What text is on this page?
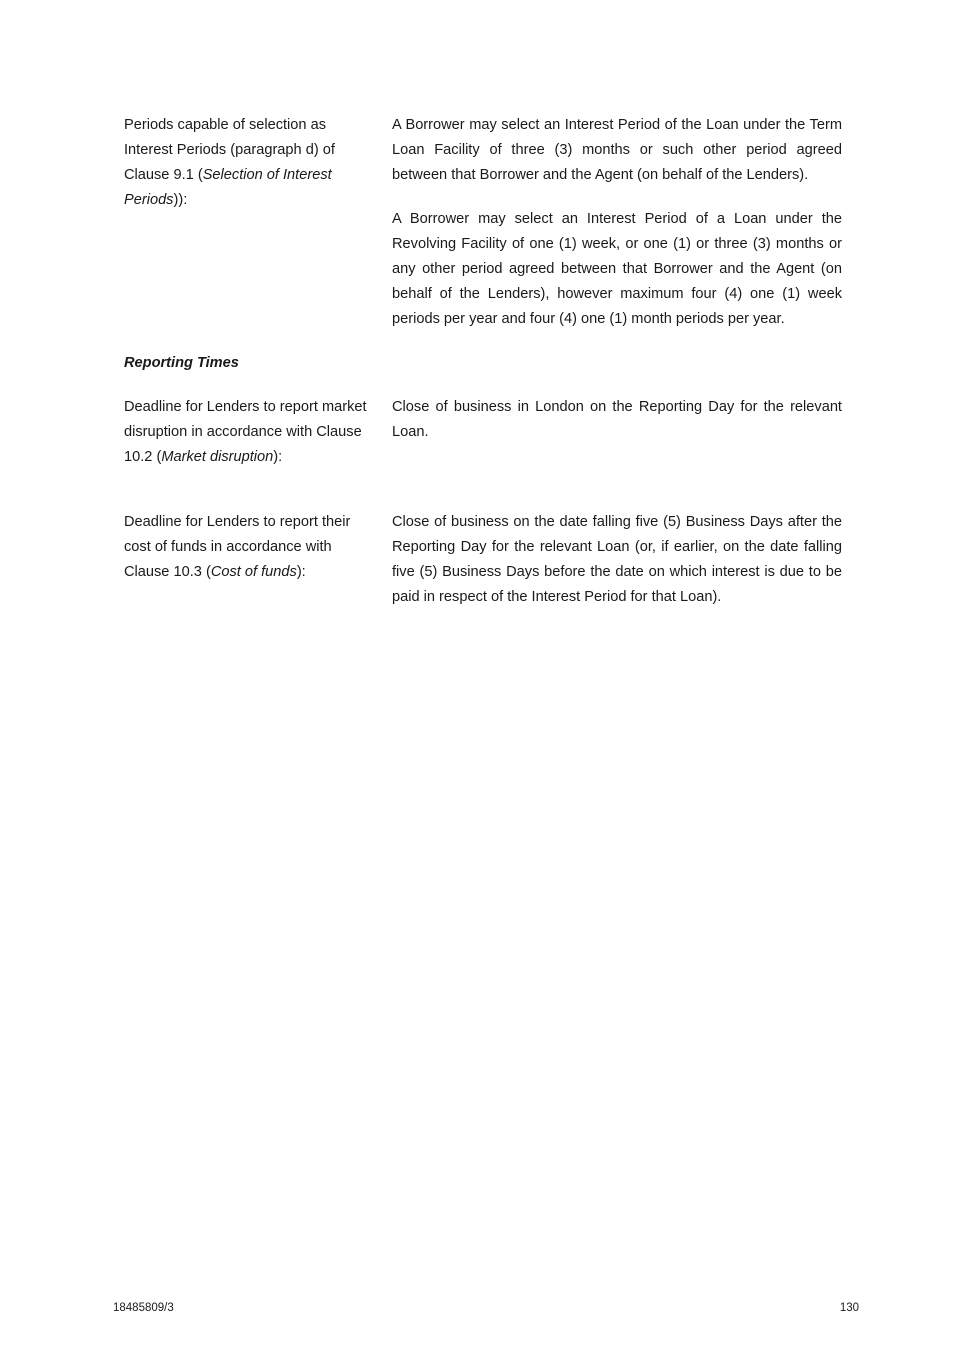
Periods capable of selection as Interest Periods (paragraph d) of Clause 9.1 (Selection of Interest Periods)):

A Borrower may select an Interest Period of the Loan under the Term Loan Facility of three (3) months or such other period agreed between that Borrower and the Agent (on behalf of the Lenders).

A Borrower may select an Interest Period of a Loan under the Revolving Facility of one (1) week, or one (1) or three (3) months or any other period agreed between that Borrower and the Agent (on behalf of the Lenders), however maximum four (4) one (1) week periods per year and four (4) one (1) month periods per year.

Reporting Times
Deadline for Lenders to report market disruption in accordance with Clause 10.2 (Market disruption):

Close of business in London on the Reporting Day for the relevant Loan.

Deadline for Lenders to report their cost of funds in accordance with Clause 10.3 (Cost of funds):

Close of business on the date falling five (5) Business Days after the Reporting Day for the relevant Loan (or, if earlier, on the date falling five (5) Business Days before the date on which interest is due to be paid in respect of the Interest Period for that Loan).

18485809/3	130
